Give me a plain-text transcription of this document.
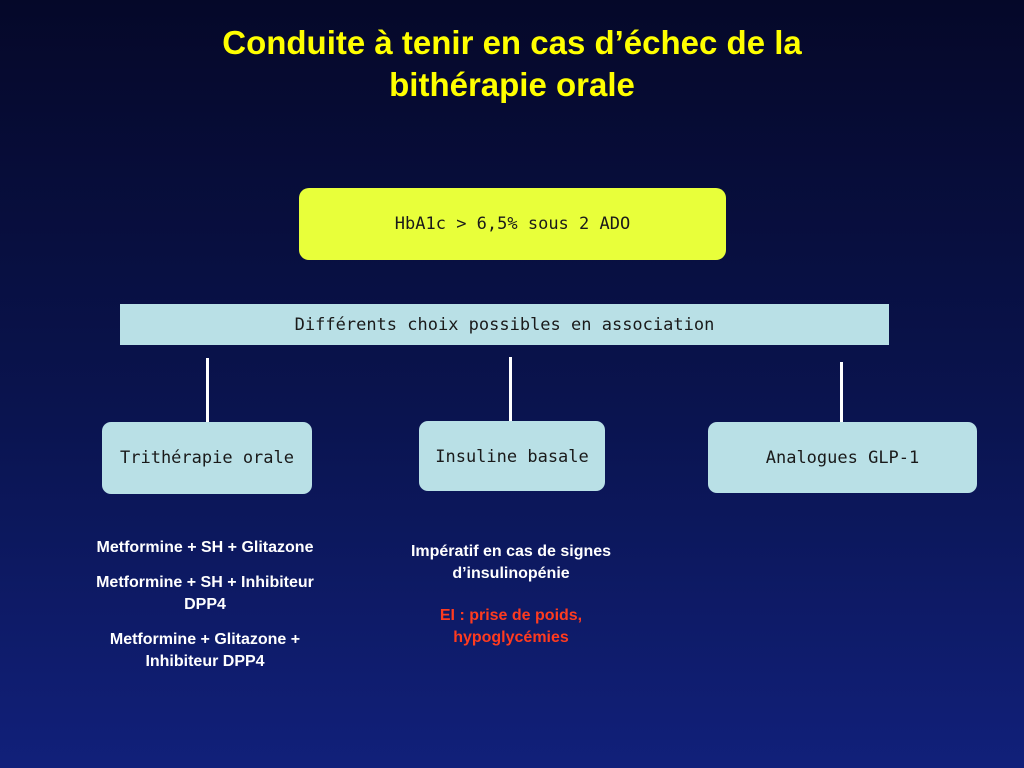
Conduite à tenir en cas d’échec de la
bithérapie orale
HbA1c > 6,5% sous 2 ADO
Différents choix possibles en association
Trithérapie orale	Insuline basale	Analogues GLP-1

Metformine + SH + Glitazone

Metformine + SH + Inhibiteur DPP4

Metformine + Glitazone + Inhibiteur DPP4

Impératif en cas de signes d’insulinopénie

EI : prise de poids, hypoglycémies
